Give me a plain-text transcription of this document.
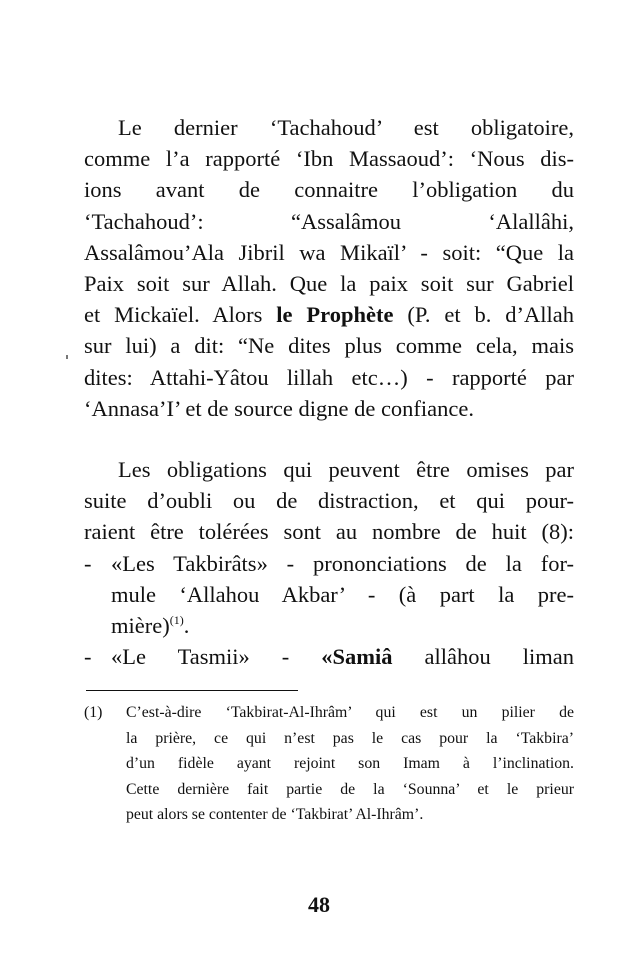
Le dernier ‘Tachahoud’ est obligatoire,
comme l’a rapporté ‘Ibn Massaoud’: ‘Nous dis-
ions avant de connaitre l’obligation du
‘Tachahoud’: “Assalâmou ‘Alallâhi,
Assalâmou’Ala Jibril wa Mikaïl’ - soit: “Que la
Paix soit sur Allah. Que la paix soit sur Gabriel
et Mickaïel. Alors le Prophète (P. et b. d’Allah
sur lui) a dit: “Ne dites plus comme cela, mais
dites: Attahi-Yâtou lillah etc…) - rapporté par
‘Annasa’I’ et de source digne de confiance.
Les obligations qui peuvent être omises par
suite d’oubli ou de distraction, et qui pour-
raient être tolérées sont au nombre de huit (8):
- «Les Takbirâts» - prononciations de la for-
mule ‘Allahou Akbar’ - (à part la pre-
mière)$^{(1)}$.
- «Le Tasmii» - «Samiâ allâhou liman
(1) C’est-à-dire ‘Takbirat-Al-Ihrâm’ qui est un pilier de
la prière, ce qui n’est pas le cas pour la ‘Takbira’
d’un fidèle ayant rejoint son Imam à l’inclination.
Cette dernière fait partie de la ‘Sounna’ et le prieur
peut alors se contenter de ‘Takbirat’ Al-Ihrâm’.
48
